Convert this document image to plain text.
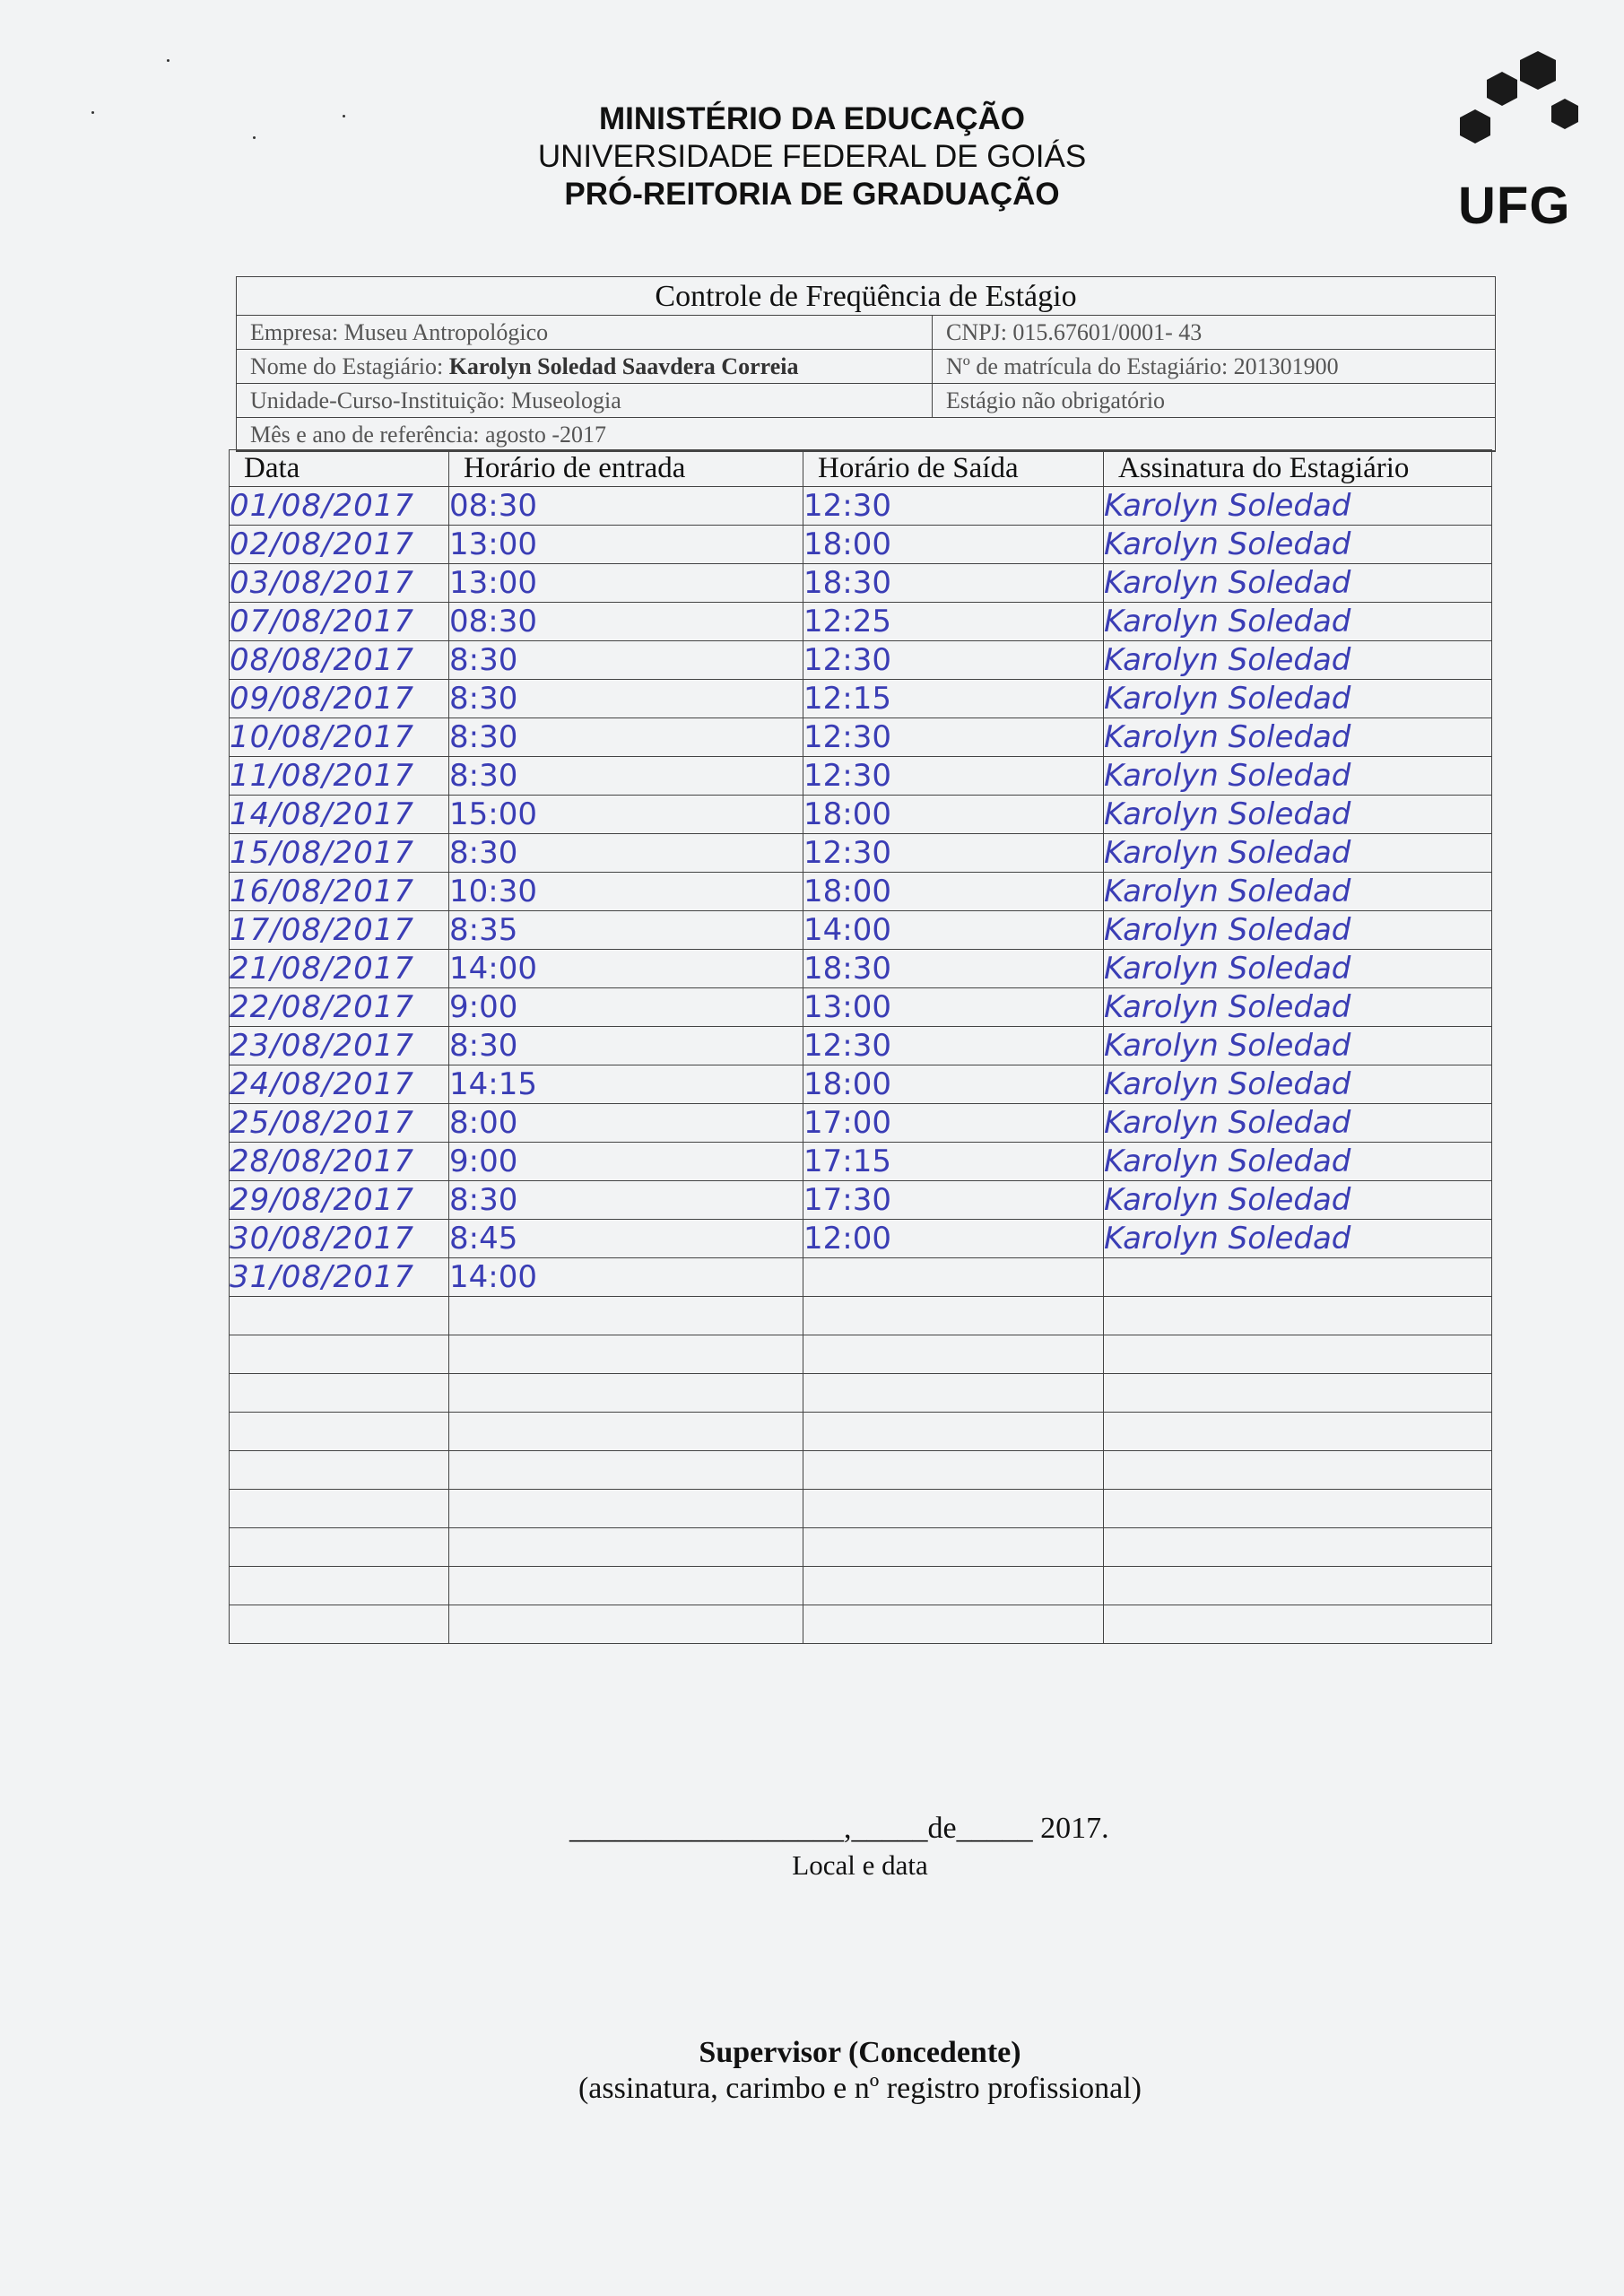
MINISTÉRIO DA EDUCAÇÃO
UNIVERSIDADE FEDERAL DE GOIÁS
PRÓ-REITORIA DE GRADUAÇÃO	UFG
Controle de Freqüência de Estágio
Empresa: Museu Antropológico	CNPJ: 015.67601/0001- 43
Nome do Estagiário: Karolyn Soledad Saavdera Correia	Nº de matrícula do Estagiário: 201301900
Unidade-Curso-Instituição: Museologia	Estágio não obrigatório
Mês e ano de referência: agosto -2017
Data	Horário de entrada	Horário de Saída	Assinatura do Estagiário
01/08/2017	08:30	12:30	Karolyn Soledad
02/08/2017	13:00	18:00	Karolyn Soledad
03/08/2017	13:00	18:30	Karolyn Soledad
07/08/2017	08:30	12:25	Karolyn Soledad
08/08/2017	8:30	12:30	Karolyn Soledad
09/08/2017	8:30	12:15	Karolyn Soledad
10/08/2017	8:30	12:30	Karolyn Soledad
11/08/2017	8:30	12:30	Karolyn Soledad
14/08/2017	15:00	18:00	Karolyn Soledad
15/08/2017	8:30	12:30	Karolyn Soledad
16/08/2017	10:30	18:00	Karolyn Soledad
17/08/2017	8:35	14:00	Karolyn Soledad
21/08/2017	14:00	18:30	Karolyn Soledad
22/08/2017	9:00	13:00	Karolyn Soledad
23/08/2017	8:30	12:30	Karolyn Soledad
24/08/2017	14:15	18:00	Karolyn Soledad
25/08/2017	8:00	17:00	Karolyn Soledad
28/08/2017	9:00	17:15	Karolyn Soledad
29/08/2017	8:30	17:30	Karolyn Soledad
30/08/2017	8:45	12:00	Karolyn Soledad
31/08/2017	14:00		

__________________,_____de_____ 2017.
Local e data
Supervisor (Concedente)
(assinatura, carimbo e nº registro profissional)
